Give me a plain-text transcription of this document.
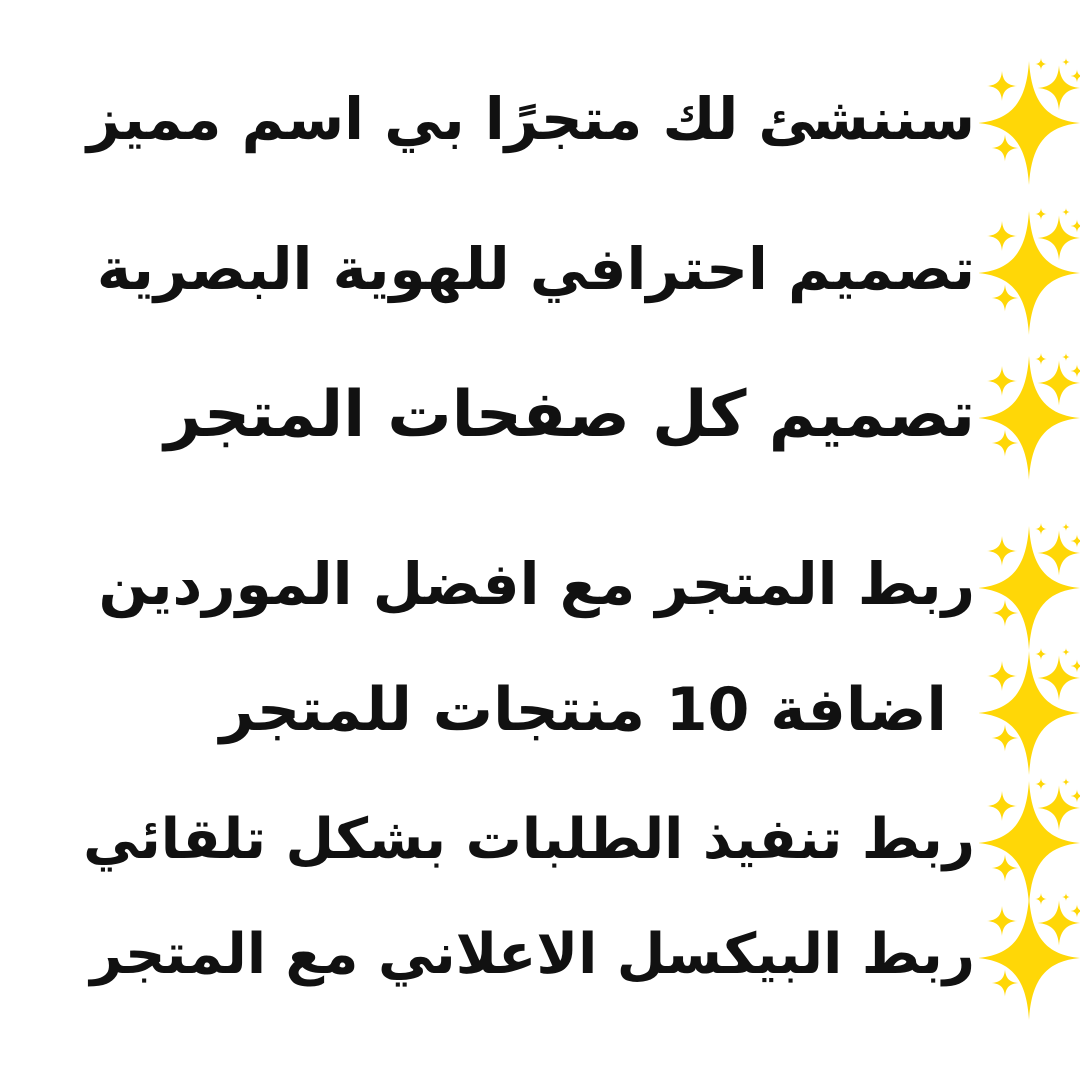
سننشئ لك متجرًا بي اسم مميز
تصميم احترافي للهوية البصرية
تصميم كل صفحات المتجر
ربط المتجر مع افضل الموردين
اضافة 10 منتجات للمتجر
ربط تنفيذ الطلبات بشكل تلقائي
ربط البيكسل الاعلاني مع المتجر
